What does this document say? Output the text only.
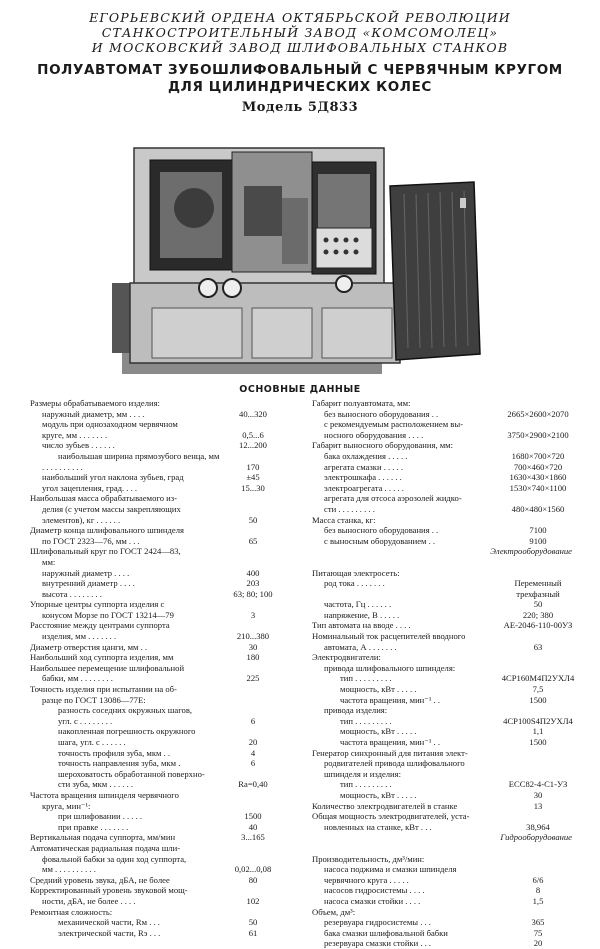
ЕГОРЬЕВСКИЙ ОРДЕНА ОКТЯБРЬСКОЙ РЕВОЛЮЦИИ
СТАНКОСТРОИТЕЛЬНЫЙ ЗАВОД «КОМСОМОЛЕЦ»
И МОСКОВСКИЙ ЗАВОД ШЛИФОВАЛЬНЫХ СТАНКОВ
ПОЛУАВТОМАТ ЗУБОШЛИФОВАЛЬНЫЙ С ЧЕРВЯЧНЫМ КРУГОМ
ДЛЯ ЦИЛИНДРИЧЕСКИХ КОЛЕС
Модель 5Д833
ОСНОВНЫЕ ДАННЫЕ
Размеры обрабатываемого изделия:
наружный диаметр, мм . . . .	40...320
модуль при однозаходном червячном
круге, мм . . . . . . .	0,5...6
число зубьев . . . . . .	12...200
наибольшая ширина прямозубого венца, мм
. . . . . . . . . .	170
наибольший угол наклона зубьев, град	±45
угол зацепления, град. . . .	15...30
Наибольшая масса обрабатываемого из-
делия (с учетом массы закрепляющих
элементов), кг . . . . . .	50
Диаметр конца шлифовального шпинделя
по ГОСТ 2323—76, мм . . .	65
Шлифовальный круг по ГОСТ 2424—83,
мм:
наружный диаметр . . . .	400
внутренний диаметр . . . .	203
высота . . . . . . . .	63; 80; 100
Упорные центры суппорта изделия с
конусом Морзе по ГОСТ 13214—79	3
Расстояние между центрами суппорта
изделия, мм . . . . . . .	210...380
Диаметр отверстия цанги, мм . .	30
Наибольший ход суппорта изделия, мм	180
Наибольшее перемещение шлифовальной
бабки, мм . . . . . . . .	225
Точность изделия при испытании на об-
разце по ГОСТ 13086—77Е:
разность соседних окружных шагов,
угл. с . . . . . . . .	6
накопленная погрешность окружного
шага, угл. с . . . . . .	20
точность профиля зуба, мкм . .	4
точность направления зуба, мкм .	6
шероховатость обработанной поверхно-
сти зуба, мкм . . . . . .	Ra=0,40
Частота вращения шпинделя червячного
круга, мин⁻¹:
при шлифовании . . . . .	1500
при правке . . . . . . .	40
Вертикальная подача суппорта, мм/мин	3...165
Автоматическая радиальная подача шли-
фовальной бабки за один ход суппорта,
мм . . . . . . . . . .	0,02...0,08
Средний уровень звука, дБА, не более	80
Корректированный уровень звуковой мощ-
ности, дБА, не более . . . .	102
Ремонтная сложность:
механической части, Rм . . .	50
электрической части, Rэ . . .	61
Габарит полуавтомата, мм:
без выносного оборудования . .	2665×2600×2070
с рекомендуемым расположением вы-
носного оборудования . . . .	3750×2900×2100
Габарит выносного оборудования, мм:
бака охлаждения . . . . .	1680×700×720
агрегата смазки . . . . .	700×460×720
электрошкафа . . . . . .	1630×430×1860
электроагрегата . . . . .	1530×740×1100
агрегата для отсоса аэрозолей жидко-
сти . . . . . . . . .	480×480×1560
Масса станка, кг:
без выносного оборудования . .	7100
с выносным оборудованием . .	9100
Электрооборудование
Питающая электросеть:
род тока . . . . . . .	Переменный
трехфазный
частота, Гц . . . . . .	50
напряжение, В . . . . .	220; 380
Тип автомата на вводе . . . .	АЕ-2046-110-00УЗ
Номинальный ток расцепителей вводного
автомата, А . . . . . . .	63
Электродвигатели:
привода шлифовального шпинделя:
тип . . . . . . . . .	4СР160М4П2УХЛ4
мощность, кВт . . . . .	7,5
частота вращения, мин⁻¹ . .	1500
привода изделия:
тип . . . . . . . . .	4СР100S4П2УХЛ4
мощность, кВт . . . . .	1,1
частота вращения, мин⁻¹ . .	1500
Генератор синхронный для питания элект-
родвигателей привода шлифовального
шпинделя и изделия:
тип . . . . . . . . .	ЕСС82-4-С1-УЗ
мощность, кВт . . . . .	30
Количество электродвигателей в станке	13
Общая мощность электродвигателей, уста-
новленных на станке, кВт . . .	38,964
Гидрооборудование
Производительность, дм³/мин:
насоса поджима и смазки шпинделя
червячного круга . . . . .	6/6
насосов гидросистемы . . . .	8
насоса смазки стойки . . . .	1,5
Объем, дм³:
резервуара гидросистемы . . .	365
бака смазки шлифовальной бабки	75
резервуара смазки стойки . . .	20
